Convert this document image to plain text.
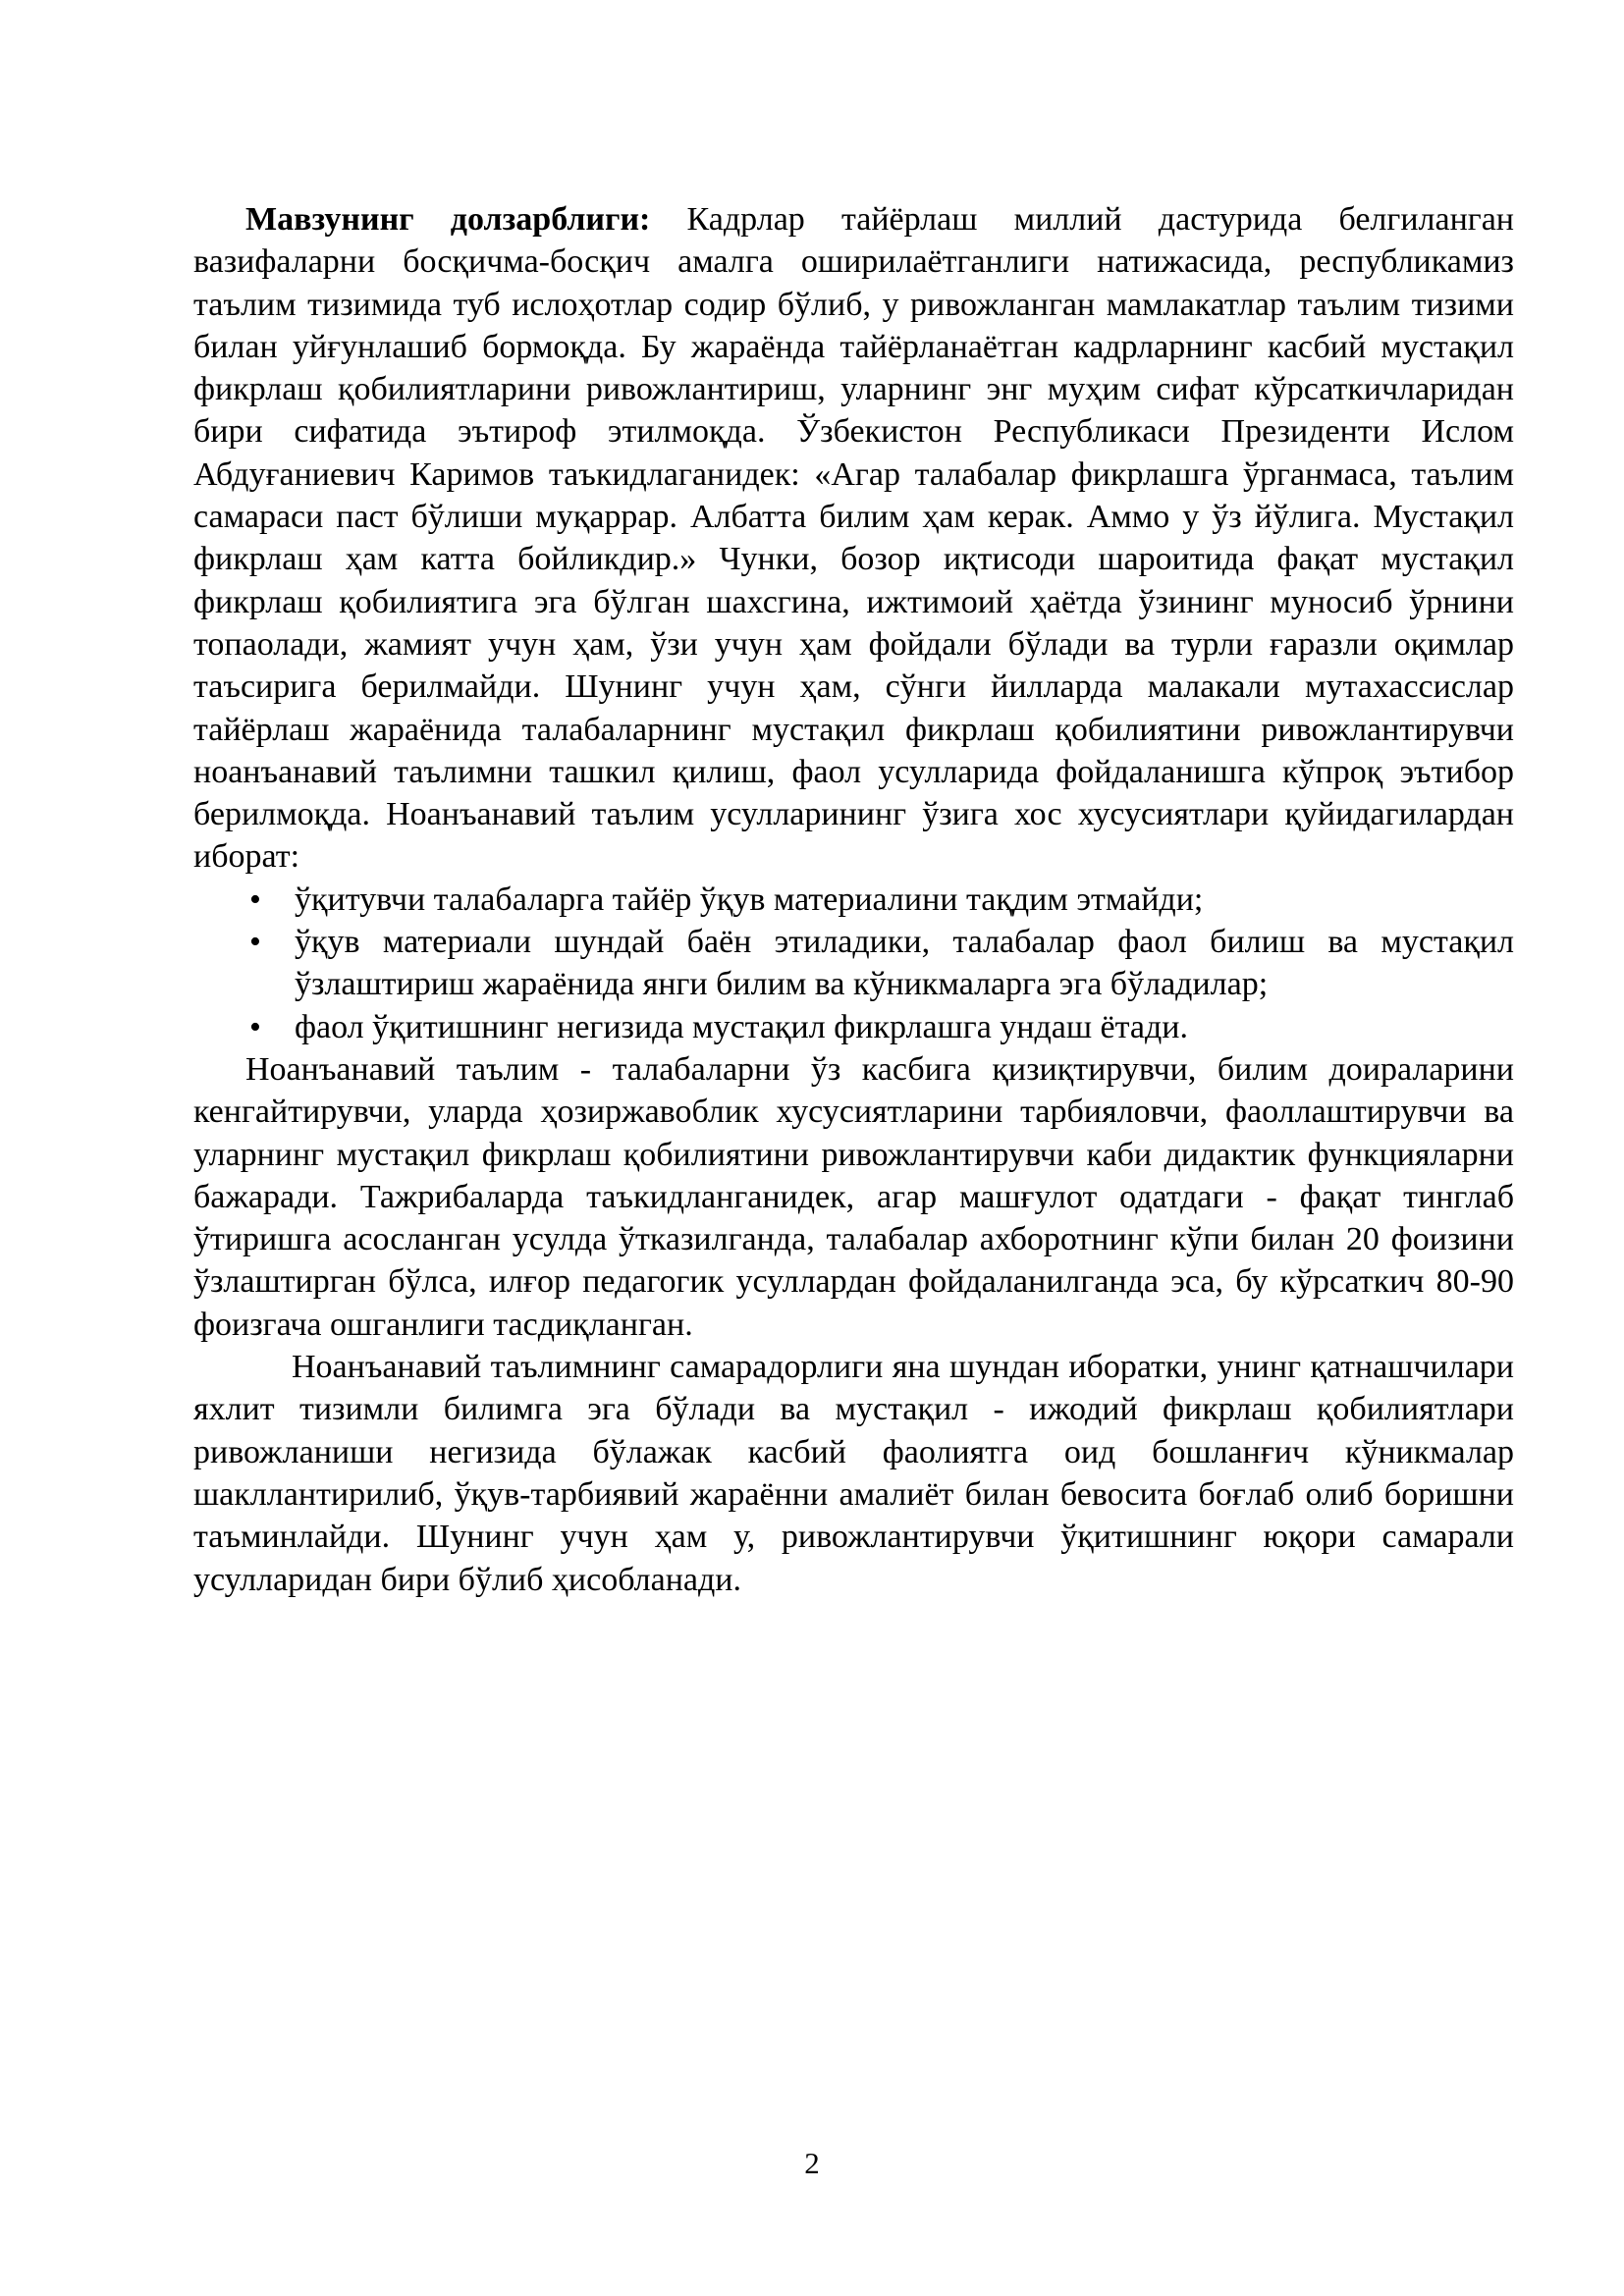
Мавзунинг долзарблиги: Кадрлар тайёрлаш миллий дастурида белгиланган вазифаларни босқичма-босқич амалга оширилаётганлиги натижасида, республикамиз таълим тизимида туб ислоҳотлар содир бўлиб, у ривожланган мамлакатлар таълим тизими билан уйғунлашиб бормоқда. Бу жараёнда тайёрланаётган кадрларнинг касбий мустақил фикрлаш қобилиятларини ривожлантириш, уларнинг энг муҳим сифат кўрсаткичларидан бири сифатида эътироф этилмоқда. Ўзбекистон Республикаси Президенти Ислом Абдуғаниевич Каримов таъкидлаганидек: «Агар талабалар фикрлашга ўрганмаса, таълим самараси паст бўлиши муқаррар. Албатта билим ҳам керак. Аммо у ўз йўлига. Мустақил фикрлаш ҳам катта бойликдир.» Чунки, бозор иқтисоди шароитида фақат мустақил фикрлаш қобилиятига эга бўлган шахсгина, ижтимоий ҳаётда ўзининг муносиб ўрнини топаолади, жамият учун ҳам, ўзи учун ҳам фойдали бўлади ва турли ғаразли оқимлар таъсирига берилмайди. Шунинг учун ҳам, сўнги йилларда малакали мутахассислар тайёрлаш жараёнида талабаларнинг мустақил фикрлаш қобилиятини ривожлантирувчи ноанъанавий таълимни ташкил қилиш, фаол усулларида фойдаланишга кўпроқ эътибор берилмоқда. Ноанъанавий таълим усулларининг ўзига хос хусусиятлари қуйидагилардан иборат:

• ўқитувчи талабаларга тайёр ўқув материалини тақдим этмайди;
• ўқув материали шундай баён этиладики, талабалар фаол билиш ва мустақил ўзлаштириш жараёнида янги билим ва кўникмаларга эга бўладилар;
• фаол ўқитишнинг негизида мустақил фикрлашга ундаш ётади.

Ноанъанавий таълим - талабаларни ўз касбига қизиқтирувчи, билим доираларини кенгайтирувчи, уларда ҳозиржавоблик хусусиятларини тарбияловчи, фаоллаштирувчи ва уларнинг мустақил фикрлаш қобилиятини ривожлантирувчи каби дидактик функцияларни бажаради. Тажрибаларда таъкидланганидек, агар машғулот одатдаги - фақат тинглаб ўтиришга асосланган усулда ўтказилганда, талабалар ахборотнинг кўпи билан 20 фоизини ўзлаштирган бўлса, илғор педагогик усуллардан фойдаланилганда эса, бу кўрсаткич 80-90 фоизгача ошганлиги тасдиқланган.

Ноанъанавий таълимнинг самарадорлиги яна шундан иборатки, унинг қатнашчилари яхлит тизимли билимга эга бўлади ва мустақил - ижодий фикрлаш қобилиятлари ривожланиши негизида бўлажак касбий фаолиятга оид бошланғич кўникмалар шакллантирилиб, ўқув-тарбиявий жараённи амалиёт билан бевосита боғлаб олиб боришни таъминлайди. Шунинг учун ҳам у, ривожлантирувчи ўқитишнинг юқори самарали усулларидан бири бўлиб ҳисобланади.

2
